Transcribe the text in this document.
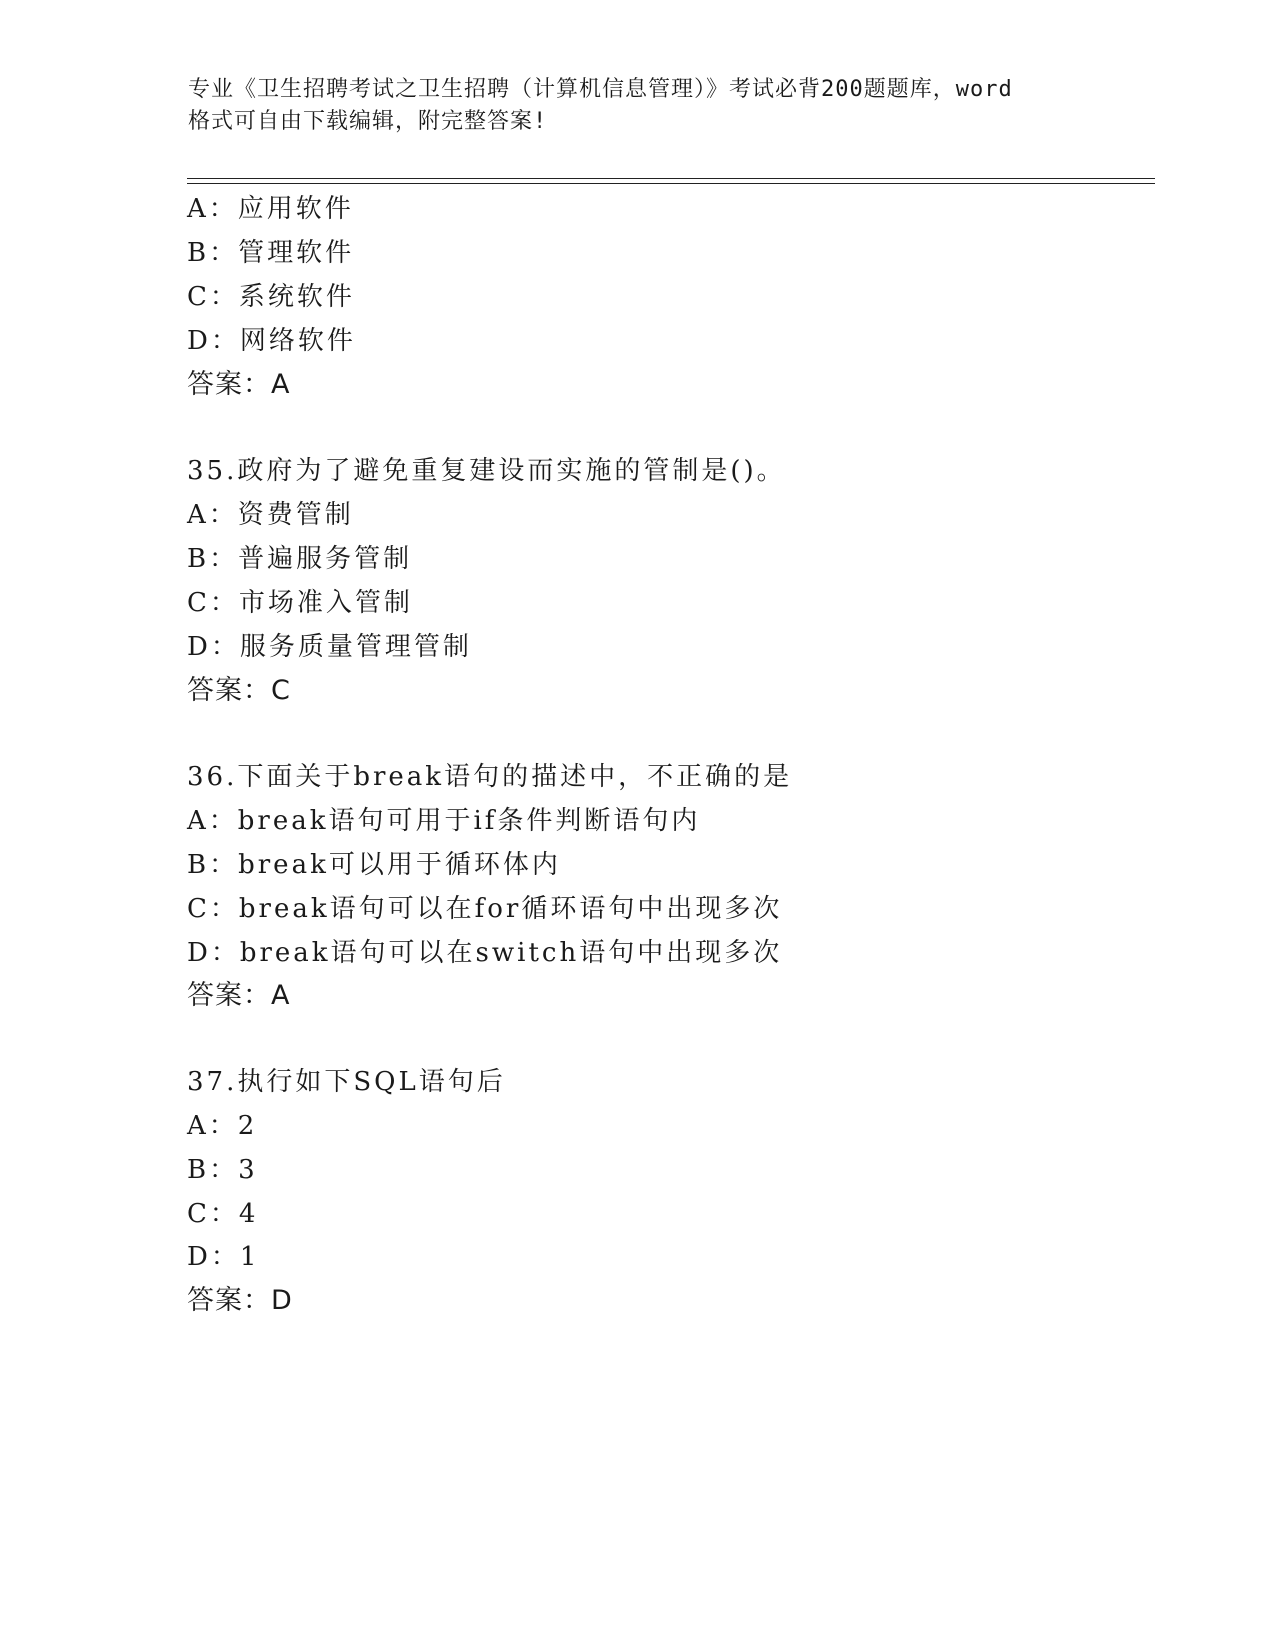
专业《卫生招聘考试之卫生招聘（计算机信息管理）》考试必背200题题库，word
格式可自由下载编辑，附完整答案!
A：应用软件
B：管理软件
C：系统软件
D：网络软件
答案：A
35.政府为了避免重复建设而实施的管制是()。
A：资费管制
B：普遍服务管制
C：市场准入管制
D：服务质量管理管制
答案：C
36.下面关于break语句的描述中，不正确的是
A：break语句可用于if条件判断语句内
B：break可以用于循环体内
C：break语句可以在for循环语句中出现多次
D：break语句可以在switch语句中出现多次
答案：A
37.执行如下SQL语句后
A：2
B：3
C：4
D：1
答案：D
